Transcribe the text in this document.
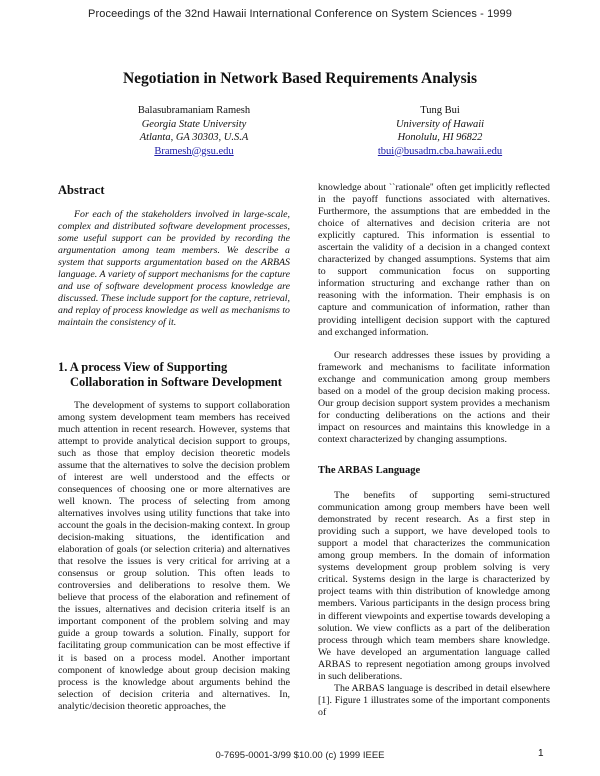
Proceedings of the 32nd Hawaii International Conference on System Sciences - 1999
Negotiation in Network Based Requirements Analysis
Balasubramaniam Ramesh
Georgia State University
Atlanta, GA 30303, U.S.A
Bramesh@gsu.edu
Tung Bui
University of Hawaii
Honolulu, HI 96822
tbui@busadm.cba.hawaii.edu
Abstract

For each of the stakeholders involved in large-scale, complex and distributed software development processes, some useful support can be provided by recording the argumentation among team members. We describe a system that supports argumentation based on the ARBAS language. A variety of support mechanisms for the capture and use of software development process knowledge are discussed. These include support for the capture, retrieval, and replay of process knowledge as well as mechanisms to maintain the consistency of it.

1. A process View of Supporting
Collaboration in Software Development

The development of systems to support collaboration among system development team members has received much attention in recent research. However, systems that attempt to provide analytical decision support to groups, such as those that employ decision theoretic models assume that the alternatives to solve the decision problem of interest are well understood and the effects or consequences of choosing one or more alternatives are well known. The process of selecting from among alternatives involves using utility functions that take into account the goals in the decision-making context. In group decision-making situations, the identification and elaboration of goals (or selection criteria) and alternatives that resolve the issues is very critical for arriving at a consensus or group solution. This often leads to controversies and deliberations to resolve them. We believe that process of the elaboration and refinement of the issues, alternatives and decision criteria itself is an important component of the problem solving and may guide a group towards a solution. Finally, support for facilitating group communication can be most effective if it is based on a process model. Another important component of knowledge about group decision making process is the knowledge about arguments behind the selection of decision criteria and alternatives. In, analytic/decision theoretic approaches, the

knowledge about ``rationale'' often get implicitly reflected in the payoff functions associated with alternatives. Furthermore, the assumptions that are embedded in the choice of alternatives and decision criteria are not explicitly captured. This information is essential to ascertain the validity of a decision in a changed context characterized by changed assumptions. Systems that aim to support communication focus on supporting information structuring and exchange rather than on reasoning with the information. Their emphasis is on capture and communication of information, rather than providing intelligent decision support with the captured and exchanged information.

Our research addresses these issues by providing a framework and mechanisms to facilitate information exchange and communication among group members based on a model of the group decision making process. Our group decision support system provides a mechanism for conducting deliberations on the actions and their impact on resources and maintains this knowledge in a context characterized by changing assumptions.

The ARBAS Language

The benefits of supporting semi-structured communication among group members have been well demonstrated by recent research. As a first step in providing such a support, we have developed tools to support a model that characterizes the communication among group members. In the domain of information systems development group problem solving is very critical. Systems design in the large is characterized by project teams with thin distribution of knowledge among members. Various participants in the design process bring in different viewpoints and expertise towards developing a solution. We view conflicts as a part of the deliberation process through which team members share knowledge. We have developed an argumentation language called ARBAS to represent negotiation among groups involved in such deliberations.

The ARBAS language is described in detail elsewhere [1]. Figure 1 illustrates some of the important components of

0-7695-0001-3/99 $10.00 (c) 1999 IEEE	1
